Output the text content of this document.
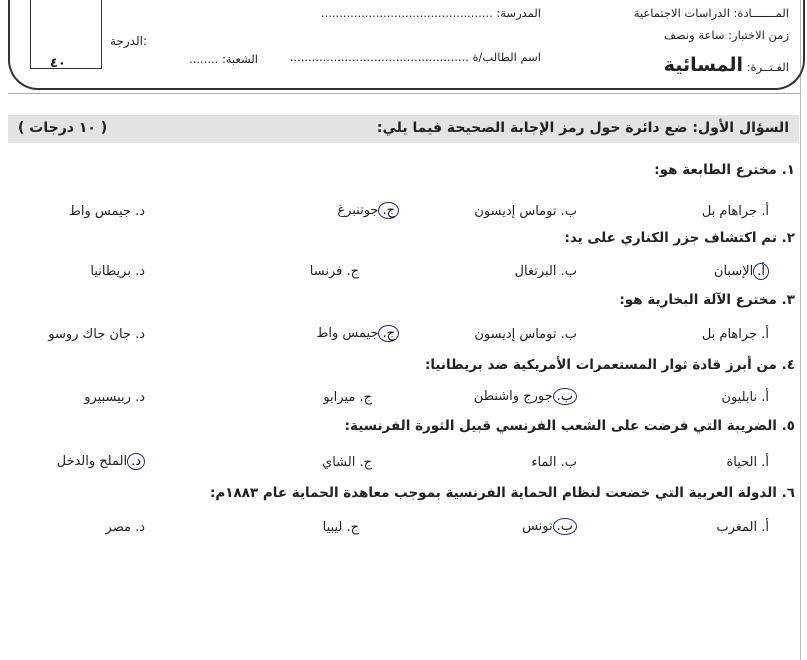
٤٠
الدرجة:
المـــــــادة: الدراسات الاجتماعية
زمن الاختبار: ساعة ونصف
الفـتــرة: المسائية
المدرسة: ...............................................
اسم الطالب/ة .................................................
الشعبة: ........
السؤال الأول: ضع دائرة حول رمز الإجابة الصحيحة فيما يلي:
( ١٠ درجات )
١. مخترع الطابعة هو:
أ. جراهام بل
ب. توماس إديسون
ج.جوتنبرغ
د. جيمس واط
٢. تم اكتشاف جزر الكناري على يد:
أ.الإسبان
ب. البرتغال
ج. فرنسا
د. بريطانيا
٣. مخترع الآلة البخارية هو:
أ. جراهام بل
ب. توماس إديسون
ج.جيمس واط
د. جان جاك روسو
٤. من أبرز قادة ثوار المستعمرات الأمريكية ضد بريطانيا:
أ. نابليون
ب.جورج واشنطن
ج. ميرابو
د. ربيسبيرو
٥. الضريبة التي فرضت على الشعب الفرنسي قبيل الثورة الفرنسية:
أ. الحياة
ب. الماء
ج. الشاي
د.الملح والدخل
٦. الدولة العربية التي خضعت لنظام الحماية الفرنسية بموجب معاهدة الحماية عام ١٨٨٣م:
أ. المغرب
ب.تونس
ج. ليبيا
د. مصر
